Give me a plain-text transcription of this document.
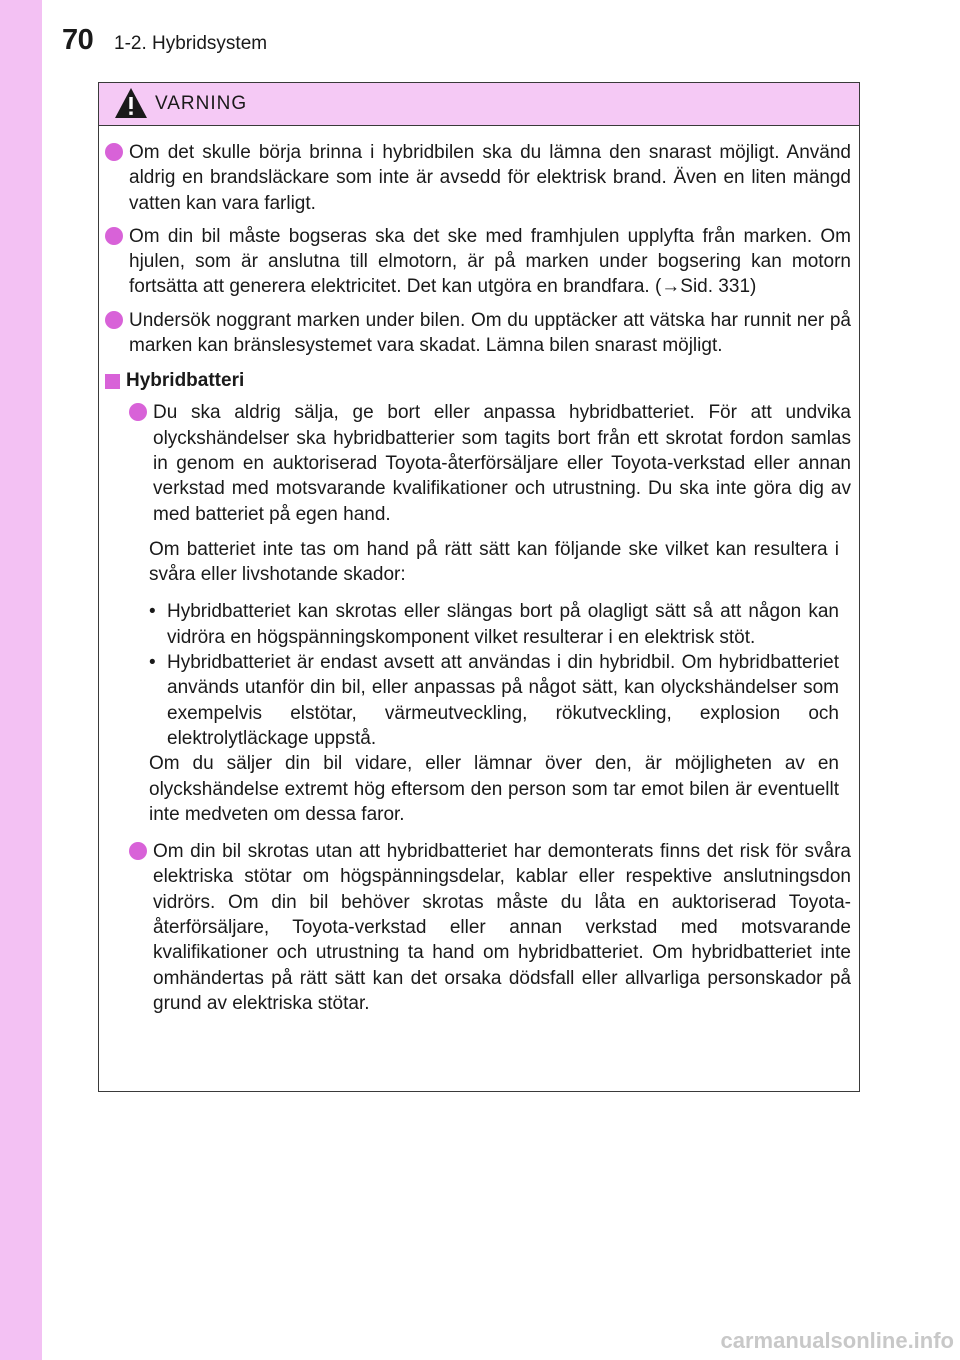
70 1-2. Hybridsystem
VARNING
Om det skulle börja brinna i hybridbilen ska du lämna den snarast möjligt. Använd aldrig en brandsläckare som inte är avsedd för elektrisk brand. Även en liten mängd vatten kan vara farligt.
Om din bil måste bogseras ska det ske med framhjulen upplyfta från marken. Om hjulen, som är anslutna till elmotorn, är på marken under bogsering kan motorn fortsätta att generera elektricitet. Det kan utgöra en brandfara. (→Sid. 331)
Undersök noggrant marken under bilen. Om du upptäcker att vätska har runnit ner på marken kan bränslesystemet vara skadat. Lämna bilen snarast möjligt.
Hybridbatteri
Du ska aldrig sälja, ge bort eller anpassa hybridbatteriet. För att undvika olyckshändelser ska hybridbatterier som tagits bort från ett skrotat fordon samlas in genom en auktoriserad Toyota-återförsäljare eller Toyota-verkstad eller annan verkstad med motsvarande kvalifikationer och utrustning. Du ska inte göra dig av med batteriet på egen hand.
Om batteriet inte tas om hand på rätt sätt kan följande ske vilket kan resultera i svåra eller livshotande skador:
• Hybridbatteriet kan skrotas eller slängas bort på olagligt sätt så att någon kan vidröra en högspänningskomponent vilket resulterar i en elektrisk stöt.
• Hybridbatteriet är endast avsett att användas i din hybridbil. Om hybridbatteriet används utanför din bil, eller anpassas på något sätt, kan olyckshändelser som exempelvis elstötar, värmeutveckling, rökutveckling, explosion och elektrolytläckage uppstå.
Om du säljer din bil vidare, eller lämnar över den, är möjligheten av en olyckshändelse extremt hög eftersom den person som tar emot bilen är eventuellt inte medveten om dessa faror.
Om din bil skrotas utan att hybridbatteriet har demonterats finns det risk för svåra elektriska stötar om högspänningsdelar, kablar eller respektive anslutningsdon vidrörs. Om din bil behöver skrotas måste du låta en auktoriserad Toyota-återförsäljare, Toyota-verkstad eller annan verkstad med motsvarande kvalifikationer och utrustning ta hand om hybridbatteriet. Om hybridbatteriet inte omhändertas på rätt sätt kan det orsaka dödsfall eller allvarliga personskador på grund av elektriska stötar.
carmanualsonline.info
